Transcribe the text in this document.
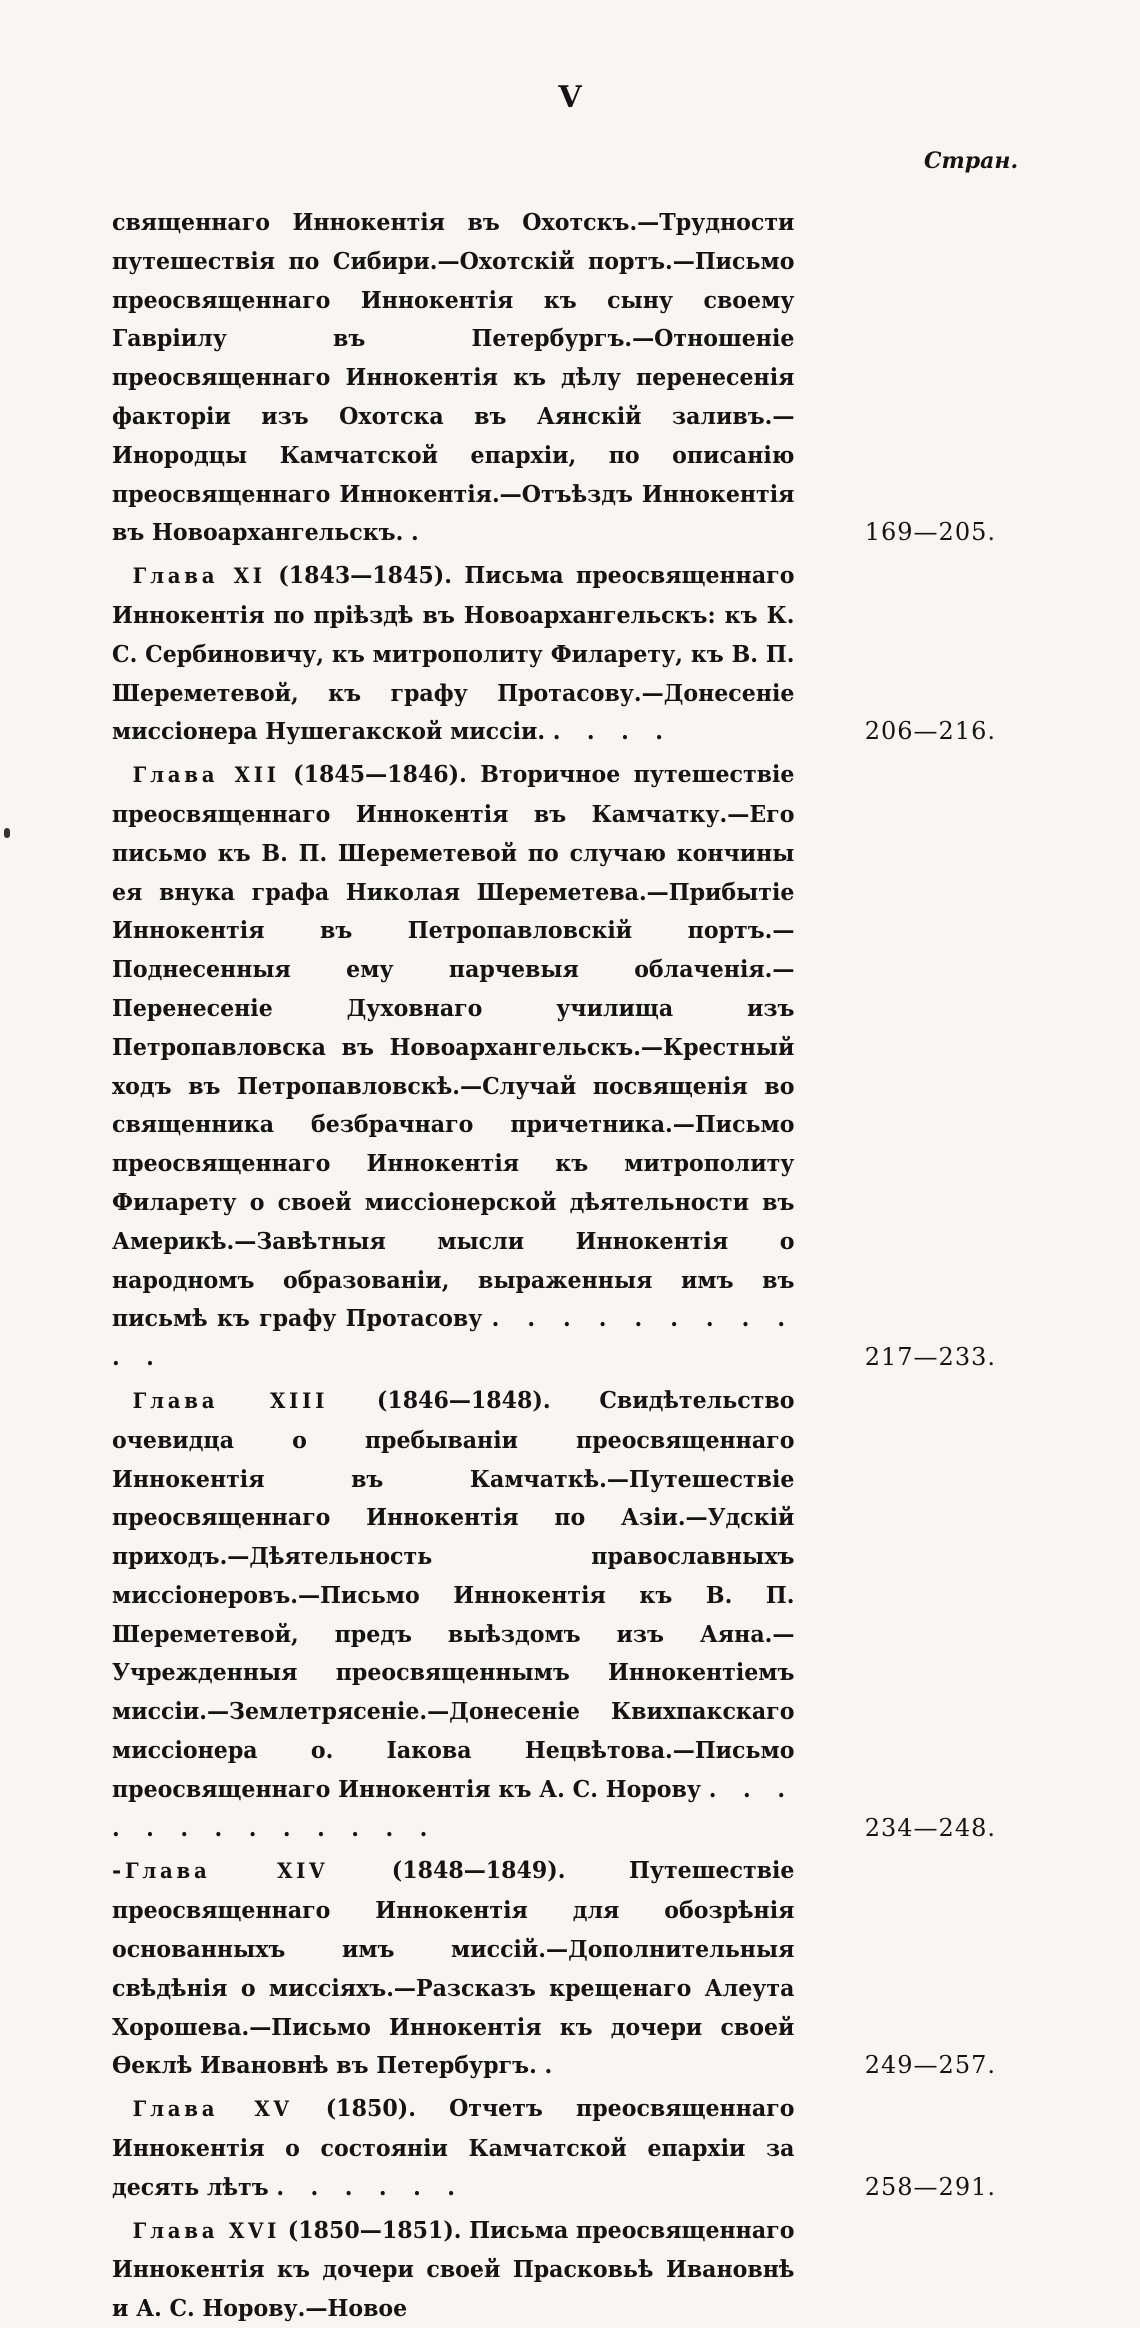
V
Стран.
священнаго Иннокентія въ Охотскъ.—Трудности путешествія по Сибири.—Охотскій портъ.—Письмо преосвященнаго Иннокентія къ сыну своему Гавріилу въ Петербургъ.—Отношеніе преосвященнаго Иннокентія къ дѣлу перенесенія факторіи изъ Охотска въ Аянскій заливъ.—Инородцы Камчатской епархіи, по описанію преосвященнаго Иннокентія.—Отъѣздъ Иннокентія въ Новоархангельскъ. .	169—205.
Глава XI (1843—1845). Письма преосвященнаго Иннокентія по пріѣздѣ въ Новоархангельскъ: къ К. С. Сербиновичу, къ митрополиту Филарету, къ В. П. Шереметевой, къ графу Протасову.—Донесеніе миссіонера Нушегакской миссіи. . . . .	206—216.
Глава XII (1845—1846). Вторичное путешествіе преосвященнаго Иннокентія въ Камчатку.—Его письмо къ В. П. Шереметевой по случаю кончины ея внука графа Николая Шереметева.—Прибытіе Иннокентія въ Петропавловскій портъ.—Поднесенныя ему парчевыя облаченія.—Перенесеніе Духовнаго училища изъ Петропавловска въ Новоархангельскъ.—Крестный ходъ въ Петропавловскѣ.—Случай посвященія во священника безбрачнаго причетника.—Письмо преосвященнаго Иннокентія къ митрополиту Филарету о своей миссіонерской дѣятельности въ Америкѣ.—Завѣтныя мысли Иннокентія о народномъ образованіи, выраженныя имъ въ письмѣ къ графу Протасову . . . . . . . . . . .	217—233.
Глава XIII (1846—1848). Свидѣтельство очевидца о пребываніи преосвященнаго Иннокентія въ Камчаткѣ.—Путешествіе преосвященнаго Иннокентія по Азіи.—Удскій приходъ.—Дѣятельность православныхъ миссіонеровъ.—Письмо Иннокентія къ В. П. Шереметевой, предъ выѣздомъ изъ Аяна.—Учрежденныя преосвященнымъ Иннокентіемъ миссіи.—Землетрясеніе.—Донесеніе Квихпакскаго миссіонера о. Іакова Нецвѣтова.—Письмо преосвященнаго Иннокентія къ А. С. Норову . . . . . . . . . . . . .	234—248.
- Глава XIV	(1848—1849). Путешествіе преосвященнаго Иннокентія для обозрѣнія основанныхъ имъ миссій.—Дополнительныя свѣдѣнія о миссіяхъ.—Разсказъ крещенаго Алеута Хорошева.—Письмо Иннокентія къ дочери своей Ѳеклѣ Ивановнѣ въ Петербургъ. .	249—257.
Глава XV (1850). Отчетъ преосвященнаго Иннокентія о состояніи Камчатской епархіи за десять лѣтъ . . . . . .	258—291.
Глава XVI (1850—1851). Письма преосвященнаго Иннокентія къ дочери своей Прасковьѣ Ивановнѣ и А. С. Норову.—Новое
